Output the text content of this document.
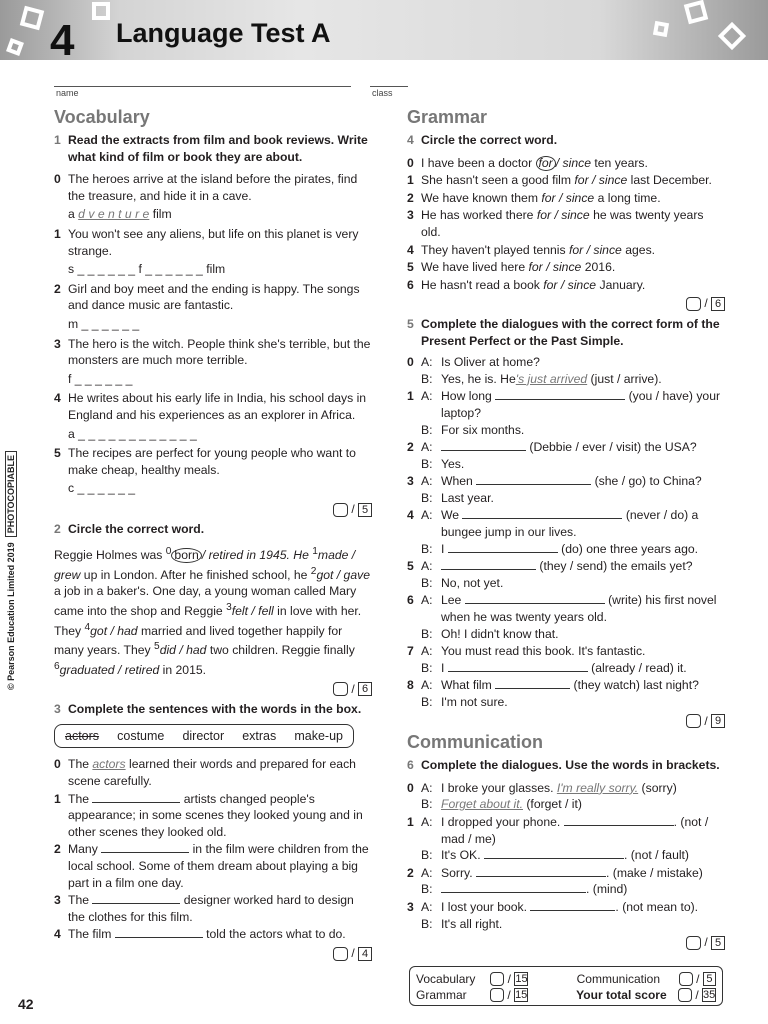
4 Language Test A
name	class
© Pearson Education Limited 2019  PHOTOCOPIABLE
Vocabulary
1 Read the extracts from film and book reviews. Write what kind of film or book they are about.
0 The heroes arrive at the island before the pirates, find the treasure, and hide it in a cave.
a d v e n t u r e film
1 You won't see any aliens, but life on this planet is very strange.
s _ _ _ _ _ _ f _ _ _ _ _ _ film
2 Girl and boy meet and the ending is happy. The songs and dance music are fantastic.
m _ _ _ _ _ _
3 The hero is the witch. People think she's terrible, but the monsters are much more terrible.
f _ _ _ _ _ _
4 He writes about his early life in India, his school days in England and his experiences as an explorer in Africa.
a _ _ _ _ _ _ _ _ _ _ _ _
5 The recipes are perfect for young people who want to make cheap, healthy meals.
c _ _ _ _ _ _
/ 5
2 Circle the correct word.
Reggie Holmes was $^0$ born / retired in 1945. He $^1$made / grew up in London. After he finished school, he $^2$got / gave a job in a baker's. One day, a young woman called Mary came into the shop and Reggie $^3$felt / fell in love with her. They $^4$got / had married and lived together happily for many years. They $^5$did / had two children. Reggie finally $^6$graduated / retired in 2015.
/ 6
3 Complete the sentences with the words in the box.
actors costume director extras make-up
0 The actors learned their words and prepared for each scene carefully.
1 The	artists changed people's appearance; in some scenes they looked young and in other scenes they looked old.
2 Many	in the film were children from the local school. Some of them dream about playing a big part in a film one day.
3 The	designer worked hard to design the clothes for this film.
4 The film	told the actors what to do.
/ 4
Grammar
4 Circle the correct word.
0 I have been a doctor for / since ten years.
1 She hasn't seen a good film for / since last December.
2 We have known them for / since a long time.
3 He has worked there for / since he was twenty years old.
4 They haven't played tennis for / since ages.
5 We have lived here for / since 2016.
6 He hasn't read a book for / since January.
/ 6
5 Complete the dialogues with the correct form of the Present Perfect or the Past Simple.
0 A: Is Oliver at home?
B: Yes, he is. He's just arrived (just / arrive).
1 A: How long	(you / have) your laptop?
B: For six months.
2 A:	(Debbie / ever / visit) the USA?
B: Yes.
3 A: When	(she / go) to China?
B: Last year.
4 A: We	(never / do) a bungee jump in our lives.
B: I	(do) one three years ago.
5 A:	(they / send) the emails yet?
B: No, not yet.
6 A: Lee	(write) his first novel when he was twenty years old.
B: Oh! I didn't know that.
7 A: You must read this book. It's fantastic.
B: I	(already / read) it.
8 A: What film	(they watch) last night?
B: I'm not sure.
/ 9
Communication
6 Complete the dialogues. Use the words in brackets.
0 A: I broke your glasses. I'm really sorry. (sorry)
B: Forget about it. (forget / it)
1 A: I dropped your phone.	. (not / mad / me)
B: It's OK.	. (not / fault)
2 A: Sorry.	. (make / mistake)
B:	. (mind)
3 A: I lost your book.	. (not mean to).
B: It's all right.
/ 5
Vocabulary	/ 15	Communication	/ 5
Grammar	/ 15	Your total score	/ 35
42
